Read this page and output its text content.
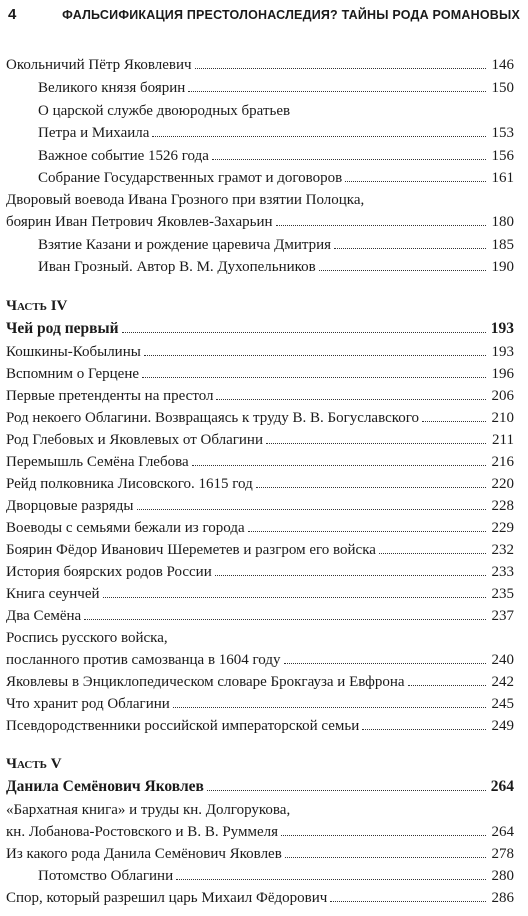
4	ФАЛЬСИФИКАЦИЯ ПРЕСТОЛОНАСЛЕДИЯ? ТАЙНЫ РОДА РОМАНОВЫХ
Окольничий Пётр Яковлевич	146
Великого князя боярин	150
О царской службе двоюродных братьев
Петра и Михаила	153
Важное событие 1526 года	156
Собрание Государственных грамот и договоров	161
Дворовый воевода Ивана Грозного при взятии Полоцка,
боярин Иван Петрович Яковлев-Захарьин	180
Взятие Казани и рождение царевича Дмитрия	185
Иван Грозный. Автор В. М. Духопельников	190
Часть IV
Чей род первый	193
Кошкины-Кобылины	193
Вспомним о Герцене	196
Первые претенденты на престол	206
Род некоего Облагини. Возвращаясь к труду В. В. Богуславского	210
Род Глебовых и Яковлевых от Облагини	211
Перемышль Семёна Глебова	216
Рейд полковника Лисовского. 1615 год	220
Дворцовые разряды	228
Воеводы с семьями бежали из города	229
Боярин Фёдор Иванович Шереметев и разгром его войска	232
История боярских родов России	233
Книга сеунчей	235
Два Семёна	237
Роспись русского войска,
посланного против самозванца в 1604 году	240
Яковлевы в Энциклопедическом словаре Брокгауза и Евфрона	242
Что хранит род Облагини	245
Псевдородственники российской императорской семьи	249
Часть V
Данила Семёнович Яковлев	264
«Бархатная книга» и труды кн. Долгорукова,
кн. Лобанова-Ростовского и В. В. Руммеля	264
Из какого рода Данила Семёнович Яковлев	278
Потомство Облагини	280
Спор, который разрешил царь Михаил Фёдорович	286
